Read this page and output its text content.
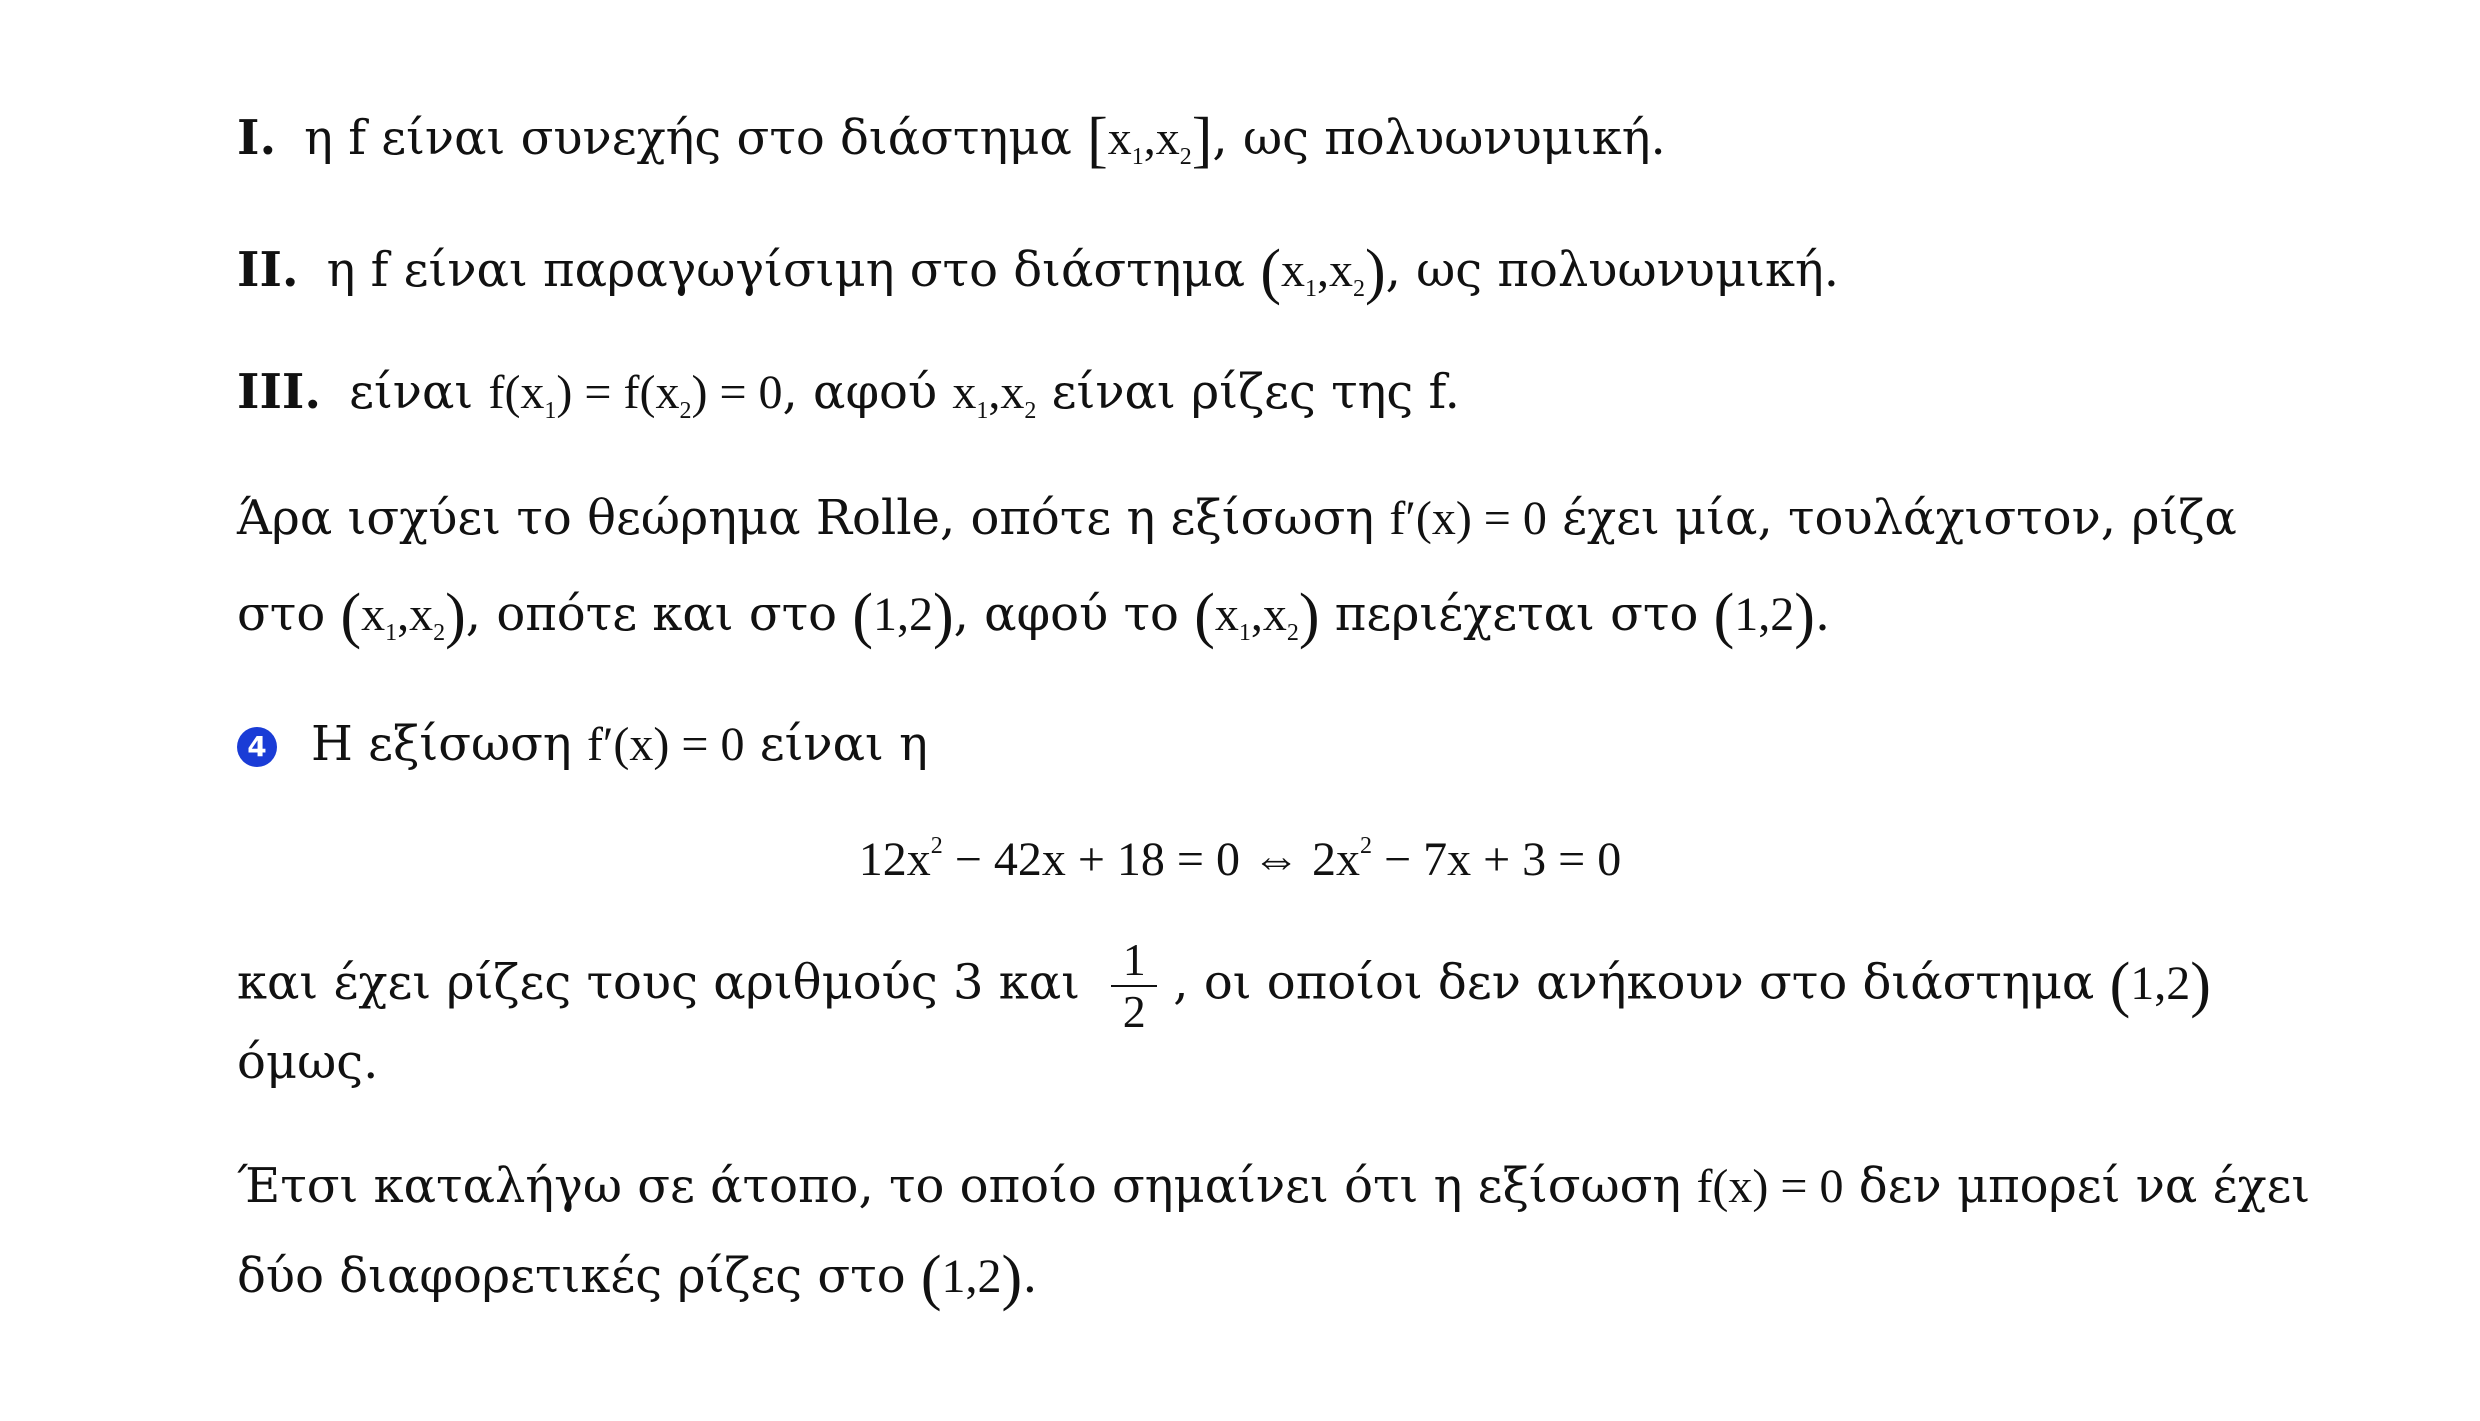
I. η f είναι συνεχής στο διάστημα $[x_1,x_2]$, ως πολυωνυμική.
II. η f είναι παραγωγίσιμη στο διάστημα $(x_1,x_2)$, ως πολυωνυμική.
III. είναι $f(x_1) = f(x_2) = 0$, αφού $x_1,x_2$ είναι ρίζες της f.
Άρα ισχύει το θεώρημα Rolle, οπότε η εξίσωση f′(x) = 0 έχει μία, τουλάχιστον, ρίζα
στο $(x_1,x_2)$, οπότε και στο (1,2), αφού το $(x_1,x_2)$ περιέχεται στο (1,2).
4 Η εξίσωση f′(x) = 0 είναι η
$12x^2 - 42x + 18 = 0$ ⇔ $2x^2 - 7x + 3 = 0$
και έχει ρίζες τους αριθμούς 3 και $\frac{1}{2}$ , οι οποίοι δεν ανήκουν στο διάστημα (1,2)
όμως.
Έτσι καταλήγω σε άτοπο, το οποίο σημαίνει ότι η εξίσωση f(x) = 0 δεν μπορεί να έχει
δύο διαφορετικές ρίζες στο (1,2).
